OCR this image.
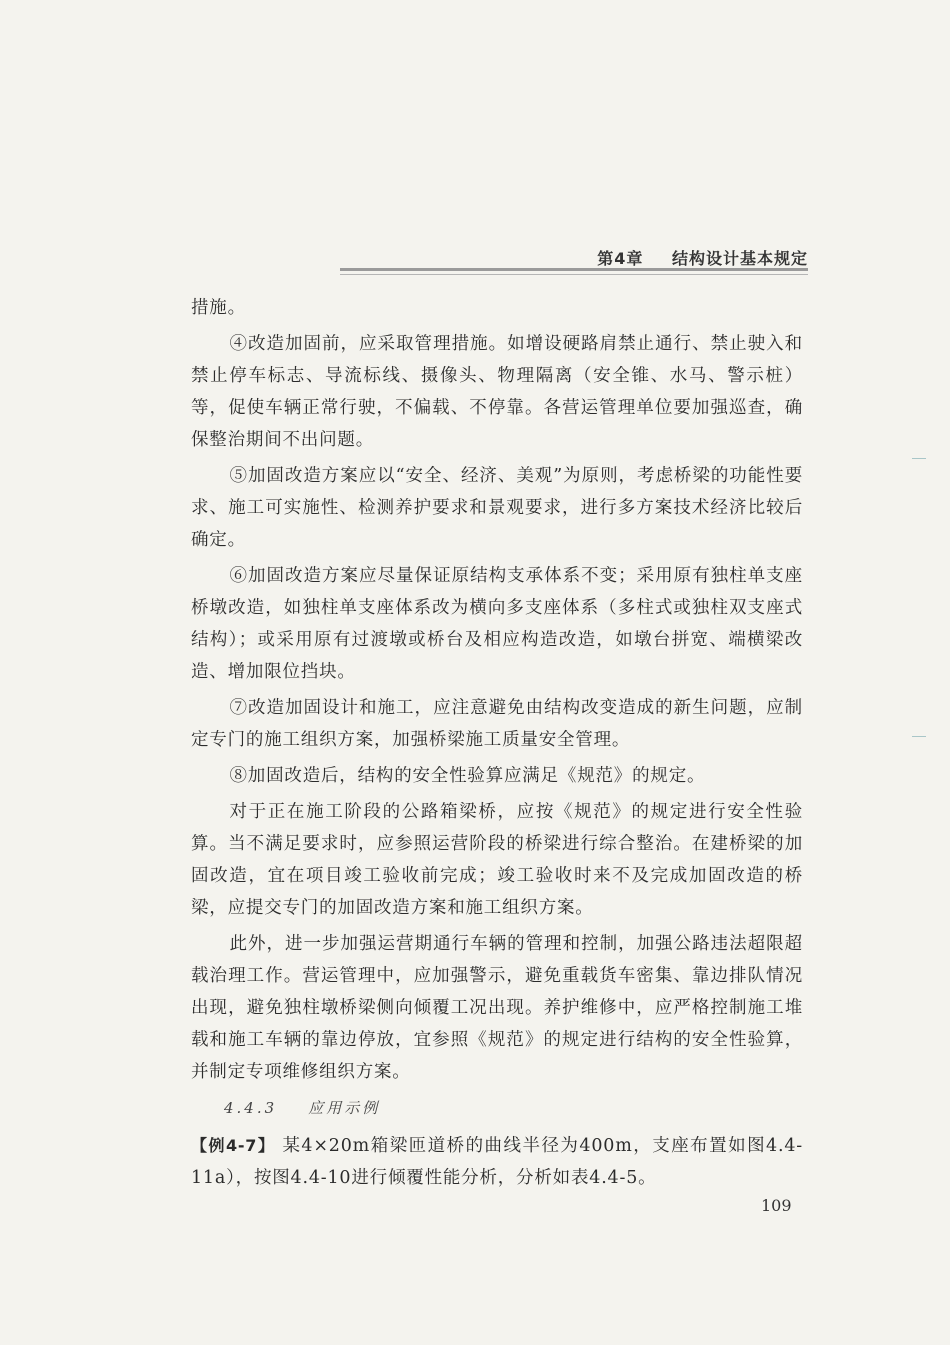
第4章 结构设计基本规定

措施。

④改造加固前，应采取管理措施。如增设硬路肩禁止通行、禁止驶入和禁止停车标志、导流标线、摄像头、物理隔离（安全锥、水马、警示桩）等，促使车辆正常行驶，不偏载、不停靠。各营运管理单位要加强巡查，确保整治期间不出问题。

⑤加固改造方案应以“安全、经济、美观”为原则，考虑桥梁的功能性要求、施工可实施性、检测养护要求和景观要求，进行多方案技术经济比较后确定。

⑥加固改造方案应尽量保证原结构支承体系不变；采用原有独柱单支座桥墩改造，如独柱单支座体系改为横向多支座体系（多柱式或独柱双支座式结构）；或采用原有过渡墩或桥台及相应构造改造，如墩台拼宽、端横梁改造、增加限位挡块。

⑦改造加固设计和施工，应注意避免由结构改变造成的新生问题，应制定专门的施工组织方案，加强桥梁施工质量安全管理。

⑧加固改造后，结构的安全性验算应满足《规范》的规定。

对于正在施工阶段的公路箱梁桥，应按《规范》的规定进行安全性验算。当不满足要求时，应参照运营阶段的桥梁进行综合整治。在建桥梁的加固改造，宜在项目竣工验收前完成；竣工验收时来不及完成加固改造的桥梁，应提交专门的加固改造方案和施工组织方案。

此外，进一步加强运营期通行车辆的管理和控制，加强公路违法超限超载治理工作。营运管理中，应加强警示，避免重载货车密集、靠边排队情况出现，避免独柱墩桥梁侧向倾覆工况出现。养护维修中，应严格控制施工堆载和施工车辆的靠边停放，宜参照《规范》的规定进行结构的安全性验算，并制定专项维修组织方案。

4.4.3 应用示例

【例4-7】 某4×20m箱梁匝道桥的曲线半径为400m，支座布置如图4.4-11a），按图4.4-10进行倾覆性能分析，分析如表4.4-5。

109
